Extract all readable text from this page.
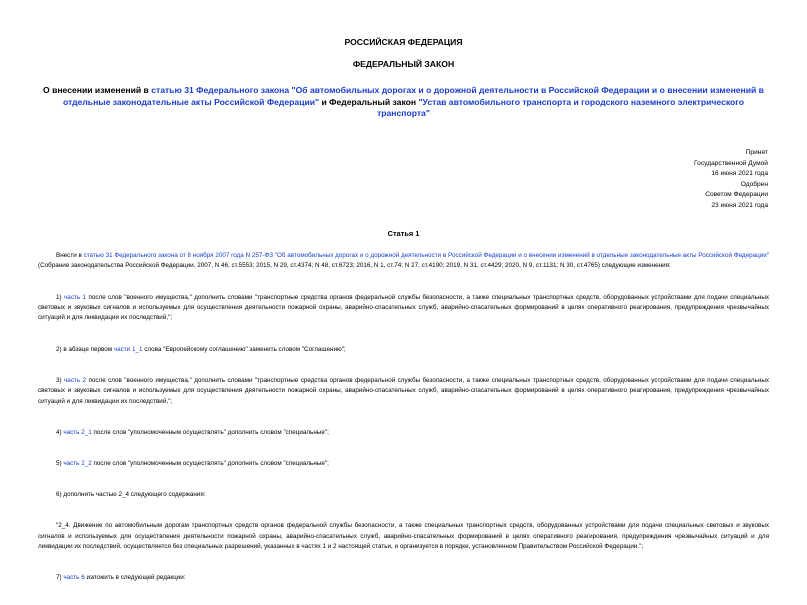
РОССИЙСКАЯ ФЕДЕРАЦИЯ
ФЕДЕРАЛЬНЫЙ ЗАКОН
О внесении изменений в статью 31 Федерального закона "Об автомобильных дорогах и о дорожной деятельности в Российской Федерации и о внесении изменений в отдельные законодательные акты Российской Федерации" и Федеральный закон "Устав автомобильного транспорта и городского наземного электрического транспорта"
Принят
Государственной Думой
16 июня 2021 года
Одобрен
Советом Федерации
23 июня 2021 года
Статья 1

Внести в статью 31 Федерального закона от 8 ноября 2007 года N 257-ФЗ "Об автомобильных дорогах и о дорожной деятельности в Российской Федерации и о внесении изменений в отдельные законодательные акты Российской Федерации" (Собрание законодательства Российской Федерации, 2007, N 46, ст.5553; 2015, N 29, ст.4374; N 48, ст.6723; 2016, N 1, ст.74; N 27, ст.4190; 2019, N 31, ст.4429; 2020, N 9, ст.1131; N 30, ст.4765) следующие изменения:

1) часть 1 после слов "военного имущества," дополнить словами "транспортные средства органов федеральной службы безопасности, а также специальных транспортных средств, оборудованных устройствами для подачи специальных световых и звуковых сигналов и используемых для осуществления деятельности пожарной охраны, аварийно-спасательных служб, аварийно-спасательных формирований в целях оперативного реагирования, предупреждения чрезвычайных ситуаций и для ликвидации их последствий,";

2) в абзаце первом части 1_1 слова "Европейскому соглашению" заменить словом "Соглашению";

3) часть 2 после слов "военного имущества," дополнить словами "транспортные средства органов федеральной службы безопасности, а также специальных транспортных средств, оборудованных устройствами для подачи специальных световых и звуковых сигналов и используемых для осуществления деятельности пожарной охраны, аварийно-спасательных служб, аварийно-спасательных формирований в целях оперативного реагирования, предупреждения чрезвычайных ситуаций и для ликвидации их последствий,";

4) часть 2_1 после слов "уполномоченным осуществлять" дополнить словом "специальные";

5) часть 2_2 после слов "уполномоченным осуществлять" дополнить словом "специальные";

6) дополнить частью 2_4 следующего содержания:

"2_4. Движение по автомобильным дорогам транспортных средств органов федеральной службы безопасности, а также специальных транспортных средств, оборудованных устройствами для подачи специальных световых и звуковых сигналов и используемых для осуществления деятельности пожарной охраны, аварийно-спасательных служб, аварийно-спасательных формирований в целях оперативного реагирования, предупреждения чрезвычайных ситуаций и для ликвидации их последствий, осуществляется без специальных разрешений, указанных в частях 1 и 2 настоящей статьи, и организуется в порядке, установленном Правительством Российской Федерации.";

7) часть 6 изложить в следующей редакции:
